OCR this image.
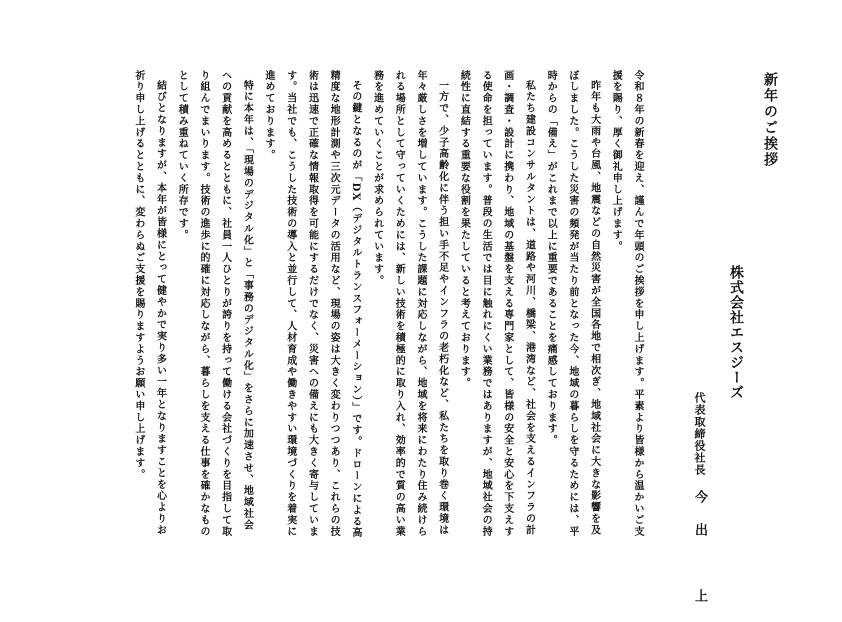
新年のご挨拶
株式会社エスジーズ
代表取締役社長今出　上

令和８年の新春を迎え、謹んで年頭のご挨拶を申し上げます。平素より皆様から温かいご支援を賜り、厚く御礼申し上げます。

昨年も大雨や台風、地震などの自然災害が全国各地で相次ぎ、地域社会に大きな影響を及ぼしました。こうした災害の頻発が当たり前となった今、地域の暮らしを守るためには、平時からの「備え」がこれまで以上に重要であることを痛感しております。

私たち建設コンサルタントは、道路や河川、橋梁、港湾など、社会を支えるインフラの計画・調査・設計に携わり、地域の基盤を支える専門家として、皆様の安全と安心を下支えする使命を担っています。普段の生活では目に触れにくい業務ではありますが、地域社会の持続性に直結する重要な役割を果たしていると考えております。

一方で、少子高齢化に伴う担い手不足やインフラの老朽化など、私たちを取り巻く環境は年々厳しさを増しています。こうした課題に対応しながら、地域を将来にわたり住み続けられる場所として守っていくためには、新しい技術を積極的に取り入れ、効率的で質の高い業務を進めていくことが求められています。

その鍵となるのが「DX（デジタルトランスフォーメーション）」です。ドローンによる高精度な地形計測や三次元データの活用など、現場の姿は大きく変わりつつあり、これらの技術は迅速で正確な情報取得を可能にするだけでなく、災害への備えにも大きく寄与しています。当社でも、こうした技術の導入と並行して、人材育成や働きやすい環境づくりを着実に進めております。

特に本年は、「現場のデジタル化」と「事務のデジタル化」をさらに加速させ、地域社会への貢献を高めるとともに、社員一人ひとりが誇りを持って働ける会社づくりを目指して取り組んでまいります。技術の進歩に的確に対応しながら、暮らしを支える仕事を確かなものとして積み重ねていく所存です。

結びとなりますが、本年が皆様にとって健やかで実り多い一年となりますことを心よりお祈り申し上げるとともに、変わらぬご支援を賜りますようお願い申し上げます。
